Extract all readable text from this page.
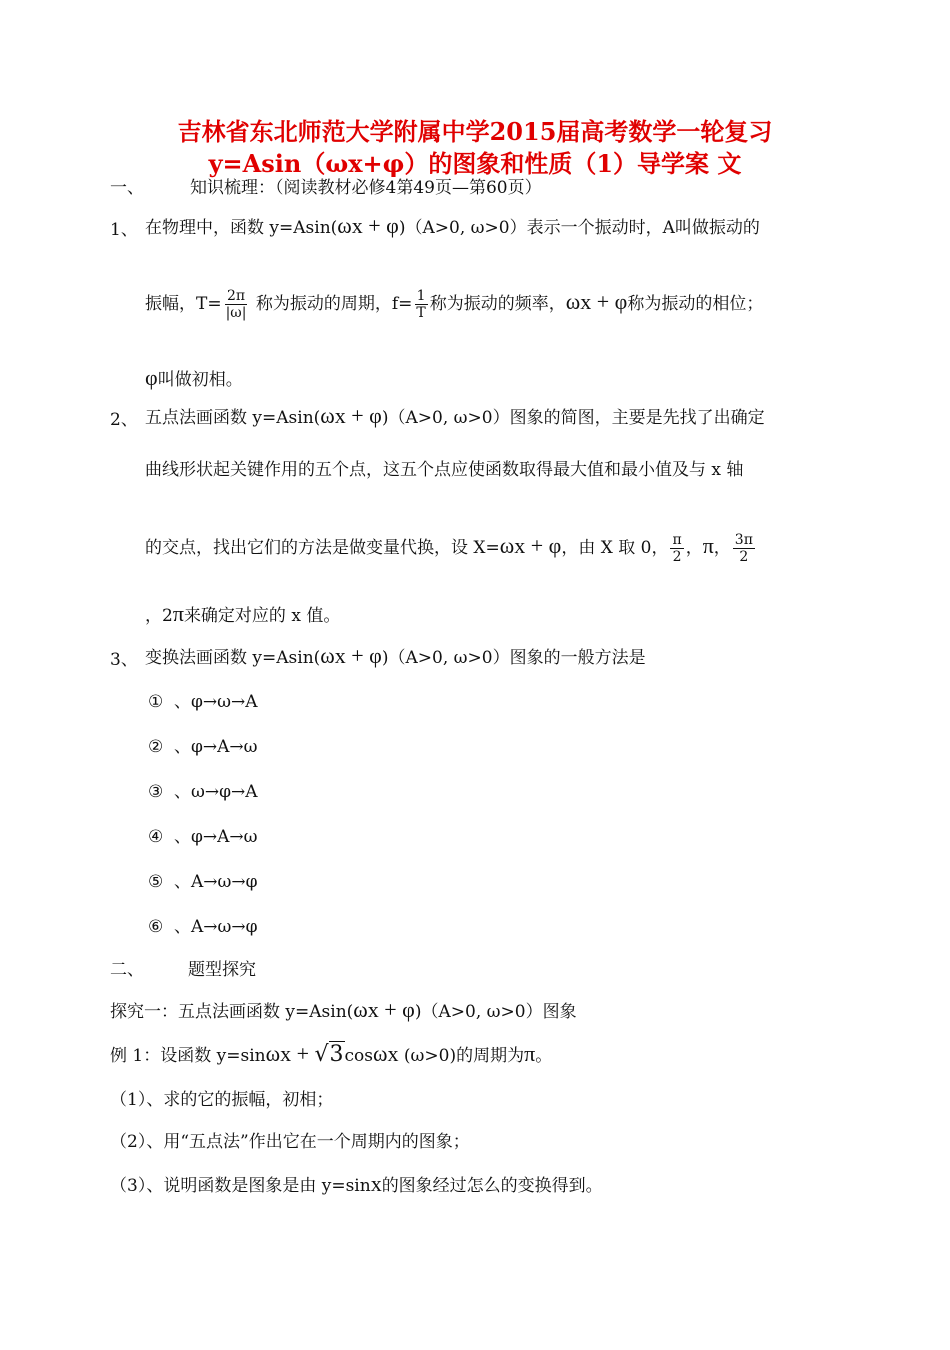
吉林省东北师范大学附属中学2015届高考数学一轮复习
y=Asin（ωx+φ）的图象和性质（1）导学案 文
一、	知识梳理：（阅读教材必修4第49页—第60页）
1、 在物理中，函数 y=Asin(ωx + φ)（A>0, ω>0）表示一个振动时，A叫做振动的
振幅，$T= \frac{2\pi}{|\omega|}$ 称为振动的周期，$f= \frac{1}{T}$ 称为振动的频率，ωx + φ称为振动的相位；
φ叫做初相。
2、 五点法画函数 y=Asin(ωx + φ)（A>0, ω>0）图象的简图，主要是先找了出确定
曲线形状起关键作用的五个点，这五个点应使函数取得最大值和最小值及与 x 轴
的交点，找出它们的方法是做变量代换，设 X=ωx + φ，由 X 取 0， $\frac{\pi}{2}$ ，π， $\frac{3\pi}{2}$
，2π来确定对应的 x 值。
3、 变换法画函数 y=Asin(ωx + φ)（A>0, ω>0）图象的一般方法是
① 、φ→ω→A
② 、φ→A→ω
③ 、ω→φ→A
④ 、φ→A→ω
⑤ 、A→ω→φ
⑥ 、A→ω→φ
二、	题型探究
探究一：五点法画函数 y=Asin(ωx + φ)（A>0, ω>0）图象
例 1：设函数 y=sinωx + √3cosωx (ω>0)的周期为π。
（1）、求的它的振幅，初相；
（2）、用“五点法”作出它在一个周期内的图象；
（3）、说明函数是图象是由 y=sinx的图象经过怎么的变换得到。
